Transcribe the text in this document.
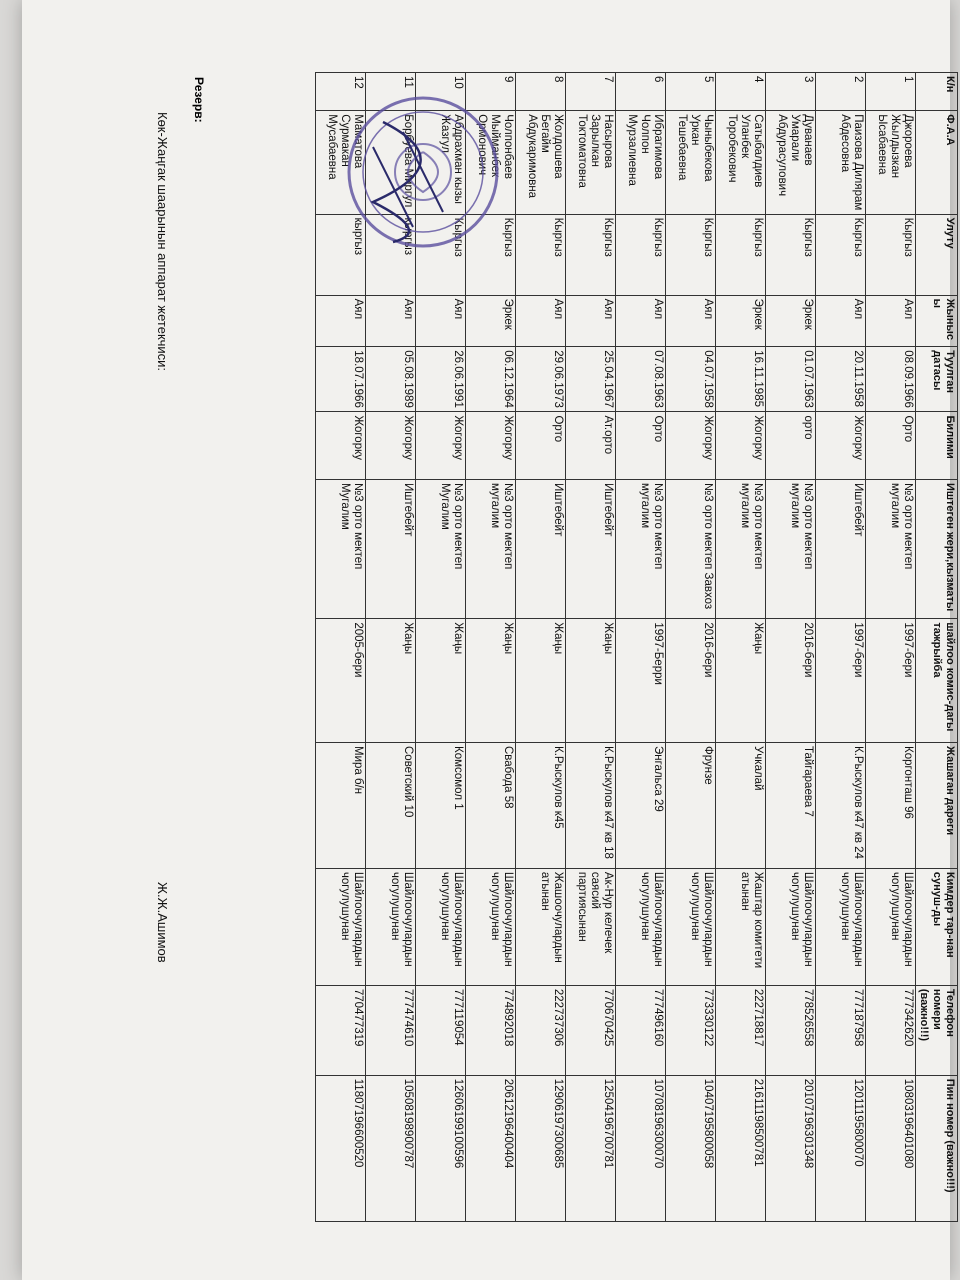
Резерв:	К/н	Ф.А.А	Улуту	Жынысы	Туулган датасы	Билими	Иштеген жери,кызматы	шайлоо комис-дагы тажрыйба	Жашаган дареги	Кимдер тар-нан сунуш-ды	Телефон номери (важно!!!)	Пин номер (важно!!!)
1	Джороева Жылдызкан Ысабаевна	Кыргыз	Аял	08.09.1966	Орто	№3 орто мектеп мугалим	1997-бери	Коргонташ 96	Шайлоочулардын чогулушунан	777342620	10803196401080
2	Паизова Дилярам Абдесовна	Кыргыз	Аял	20.11.1958	Жогорку	Иштебейт	1997-бери	К.Рыскулов к47 кв 24	Шайлоочулардын чогулушунан	777187958	12011195800070
3	Дуванаев Умарали Абдурасулович	Кыргыз	Эркек	01.07.1963	орто	№3 орто мектеп мугалим	2016-бери	Тайгараева 7	Шайлоочулардын чогулушунан	778526558	20107196301348
4	Сатыбалдиев Уланбек Торобекович	Кыргыз	Эркек	16.11.1985	Жогорку	№3 орто мектеп мугалим	Жаңы	Учкалай	Жаштар комитети атынан	222718817	21611198500781
5	Чыныбекова Уркан Тешебаевна	Кыргыз	Аял	04.07.1958	Жогорку	№3 орто мектеп Завхоз	2016-бери	Фрунзе	Шайлоочулардын чогулушунан	773330122	10407195800058
6	Ибрагимова Чолпон Мурзалиевна	Кыргыз	Аял	07.08.1963	Орто	№3 орто мектеп мугалим	1997-Берри	Энгальса 29	Шайлоочулардын чогулушунан	777496160	10708196300070
7	Насырова Зарылкан Токтоматовна	Кыргыз	Аял	25.04.1967	Ат.орто	Иштебейт	Жаңы	К.Рыскулов к47 кв 18	Ак-Нур келечек саясий партиясынан	770670425	12504196700781
8	Жолдошева Бегайм Абдукаримовна	Кыргыз	Аял	29.06.1973	Орто	Иштебейт	Жаңы	К.Рыскулов к45	Жашоочулардын атынан	222737306	12906197300685
9	Чолпонбаев Мыйманбек Ормонович	Кыргыз	Эркек	06.12.1964	Жогорку	№3 орто мектеп мугалим	Жаңы	Свабода 58	Шайлоочулардын чогулушунан	774892018	20612196400404
10	Абдрахман кызы Жазгул	Кыргыз	Аял	26.06.1991	Жогорку	№3 орто мектеп Мугалим	Жаңы	Комсомол 1	Шайлоочулардын чогулушунан	777119054	12606199100596
11	Борбуева Миргул	кыргыз	Аял	05.08.1989	Жогорку	Иштебейт	Жаңы	Советский 10	Шайлоочулардын чогулушунан	777474610	10508198900787
12	Маматова Сурмакан Мусабаевна	кыргыз	Аял	18.07.1966	Жогорку	№3 орто мектеп Мугалим	2005-бери	Мира б/н	Шайлоочулардын чогулушунан	770477319	11807196600520
Көк-Жаңгак шаарынын аппарат жетекчиси:
Ж.Ж.Ашимов
